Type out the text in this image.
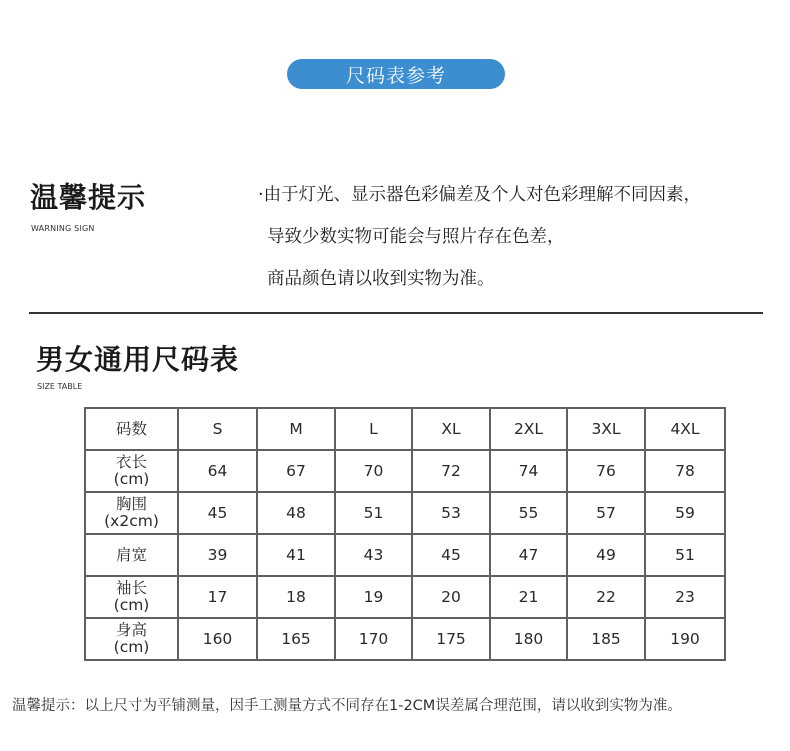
尺码表参考
温馨提示
WARNING SIGN
·由于灯光、显示器色彩偏差及个人对色彩理解不同因素，
导致少数实物可能会与照片存在色差，
商品颜色请以收到实物为准。
男女通用尺码表
SIZE TABLE
码数	S	M	L	XL	2XL	3XL	4XL
衣长
(cm)	64	67	70	72	74	76	78
胸围
(x2cm)	45	48	51	53	55	57	59
肩宽	39	41	43	45	47	49	51
袖长
(cm)	17	18	19	20	21	22	23
身高
(cm)	160	165	170	175	180	185	190
温馨提示：以上尺寸为平铺测量，因手工测量方式不同存在1-2CM误差属合理范围，请以收到实物为准。
